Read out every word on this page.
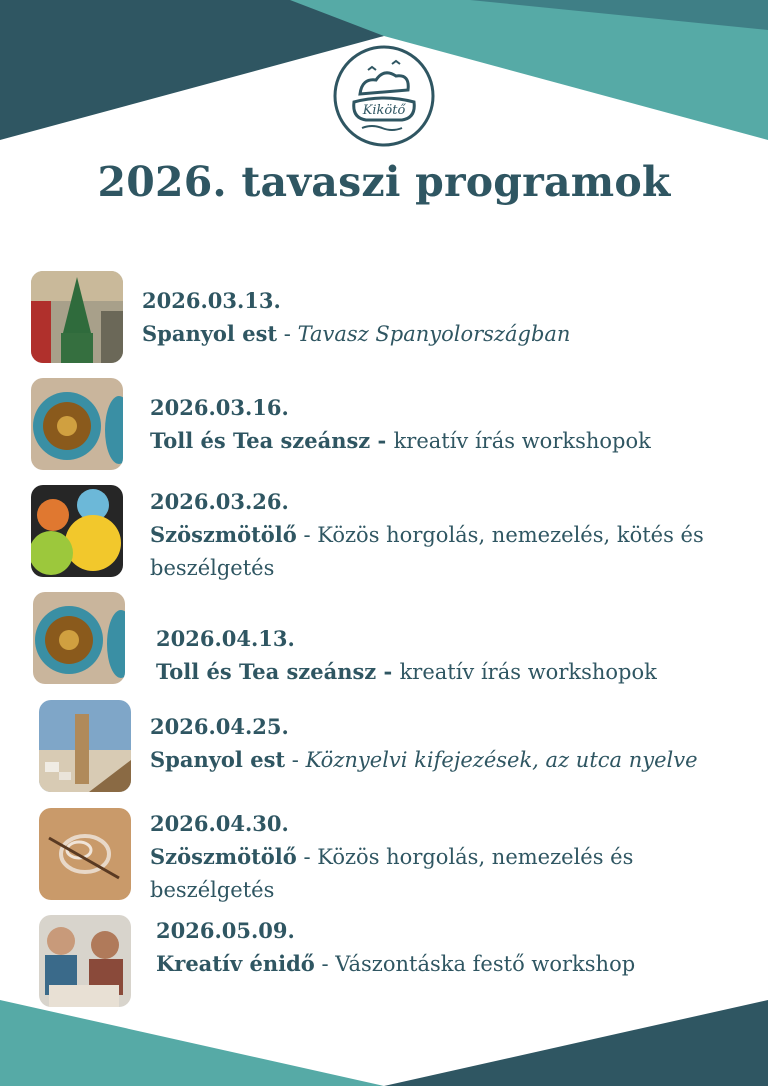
Kikötő
2026. tavaszi programok
2026.03.13.
Spanyol est - Tavasz Spanyolországban
2026.03.16.
Toll és Tea szeánsz - kreatív írás workshopok
2026.03.26.
Szöszmötölő - Közös horgolás, nemezelés, kötés és beszélgetés
2026.04.13.
Toll és Tea szeánsz - kreatív írás workshopok
2026.04.25.
Spanyol est - Köznyelvi kifejezések, az utca nyelve
2026.04.30.
Szöszmötölő - Közös horgolás, nemezelés és beszélgetés
2026.05.09.
Kreatív énidő - Vászontáska festő workshop
